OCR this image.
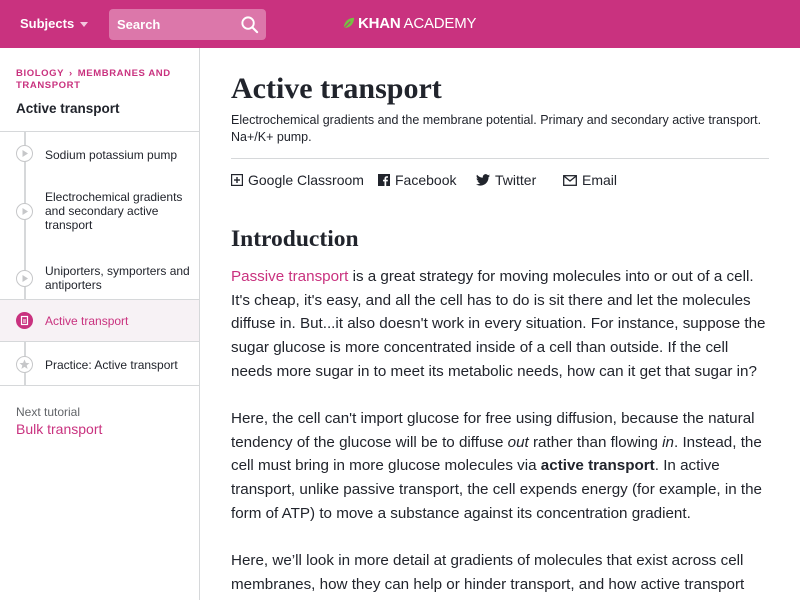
Subjects
Search	KHAN ACADEMY
BIOLOGY › MEMBRANES AND TRANSPORT
Active transport
Sodium potassium pump
Electrochemical gradients and secondary active transport
Uniporters, symporters and antiporters
Active transport
Practice: Active transport
Next tutorial
Bulk transport
Active transport
Electrochemical gradients and the membrane potential. Primary and secondary active transport. Na+/K+ pump.
Google Classroom Facebook	Twitter	Email
Introduction

Passive transport is a great strategy for moving molecules into or out of a cell. It's cheap, it's easy, and all the cell has to do is sit there and let the molecules diffuse in. But...it also doesn't work in every situation. For instance, suppose the sugar glucose is more concentrated inside of a cell than outside. If the cell needs more sugar in to meet its metabolic needs, how can it get that sugar in?

Here, the cell can't import glucose for free using diffusion, because the natural tendency of the glucose will be to diffuse out rather than flowing in. Instead, the cell must bring in more glucose molecules via active transport. In active transport, unlike passive transport, the cell expends energy (for example, in the form of ATP) to move a substance against its concentration gradient.

Here, we’ll look in more detail at gradients of molecules that exist across cell membranes, how they can help or hinder transport, and how active transport
